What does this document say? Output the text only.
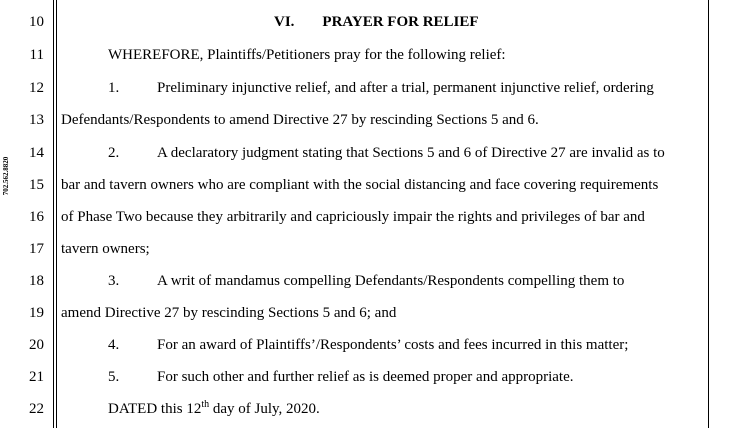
702.562.8820
10
11
12
13
14
15
16
17
18
19
20
21
22
VI. PRAYER FOR RELIEF
WHEREFORE, Plaintiffs/Petitioners pray for the following relief:
1.	Preliminary injunctive relief, and after a trial, permanent injunctive relief, ordering
Defendants/Respondents to amend Directive 27 by rescinding Sections 5 and 6.
2.	A declaratory judgment stating that Sections 5 and 6 of Directive 27 are invalid as to
bar and tavern owners who are compliant with the social distancing and face covering requirements
of Phase Two because they arbitrarily and capriciously impair the rights and privileges of bar and
tavern owners;
3.	A writ of mandamus compelling Defendants/Respondents compelling them to
amend Directive 27 by rescinding Sections 5 and 6; and
4.	For an award of Plaintiffs’/Respondents’ costs and fees incurred in this matter;
5.	For such other and further relief as is deemed proper and appropriate.
DATED this 12th day of July, 2020.
